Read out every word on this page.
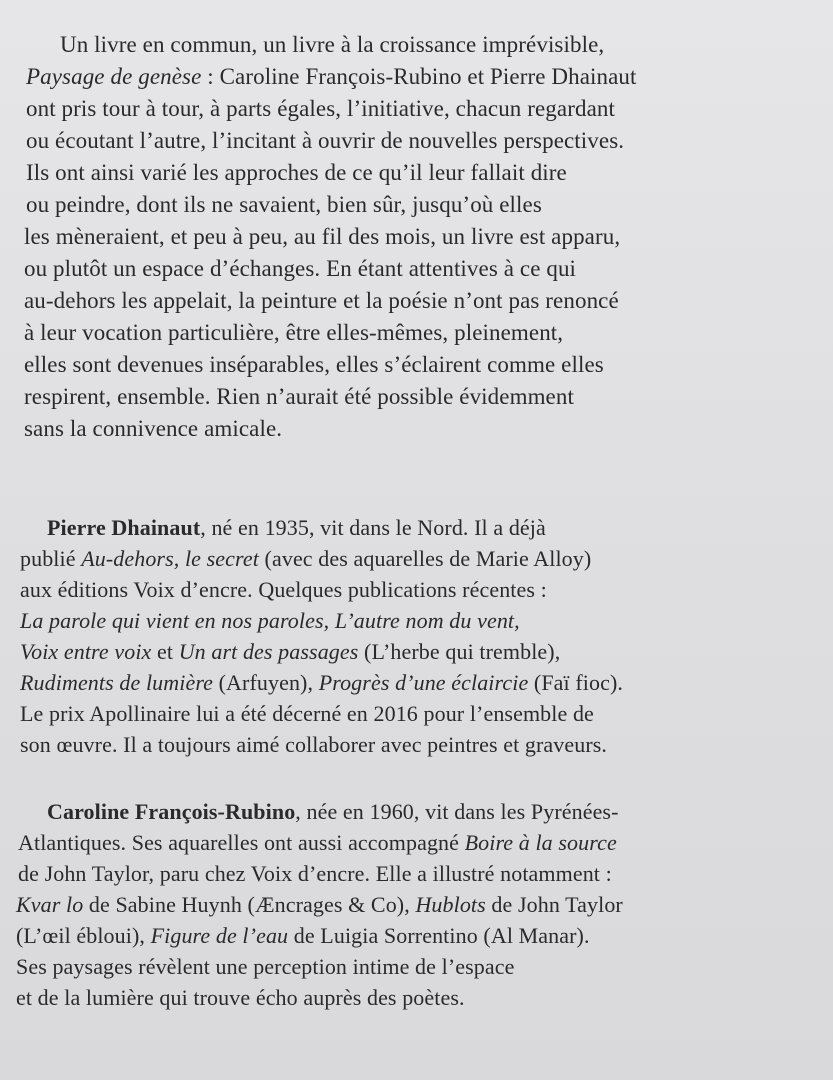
Un livre en commun, un livre à la croissance imprévisible,
Paysage de genèse : Caroline François-Rubino et Pierre Dhainaut
ont pris tour à tour, à parts égales, l’initiative, chacun regardant
ou écoutant l’autre, l’incitant à ouvrir de nouvelles perspectives.
Ils ont ainsi varié les approches de ce qu’il leur fallait dire
ou peindre, dont ils ne savaient, bien sûr, jusqu’où elles
les mèneraient, et peu à peu, au fil des mois, un livre est apparu,
ou plutôt un espace d’échanges. En étant attentives à ce qui
au-dehors les appelait, la peinture et la poésie n’ont pas renoncé
à leur vocation particulière, être elles-mêmes, pleinement,
elles sont devenues inséparables, elles s’éclairent comme elles
respirent, ensemble. Rien n’aurait été possible évidemment
sans la connivence amicale.
Pierre Dhainaut, né en 1935, vit dans le Nord. Il a déjà
publié Au-dehors, le secret (avec des aquarelles de Marie Alloy)
aux éditions Voix d’encre. Quelques publications récentes :
La parole qui vient en nos paroles, L’autre nom du vent,
Voix entre voix et Un art des passages (L’herbe qui tremble),
Rudiments de lumière (Arfuyen), Progrès d’une éclaircie (Faï fioc).
Le prix Apollinaire lui a été décerné en 2016 pour l’ensemble de
son œuvre. Il a toujours aimé collaborer avec peintres et graveurs.
Caroline François-Rubino, née en 1960, vit dans les Pyrénées-
Atlantiques. Ses aquarelles ont aussi accompagné Boire à la source
de John Taylor, paru chez Voix d’encre. Elle a illustré notamment :
Kvar lo de Sabine Huynh (Æncrages & Co), Hublots de John Taylor
(L’œil ébloui), Figure de l’eau de Luigia Sorrentino (Al Manar).
Ses paysages révèlent une perception intime de l’espace
et de la lumière qui trouve écho auprès des poètes.
